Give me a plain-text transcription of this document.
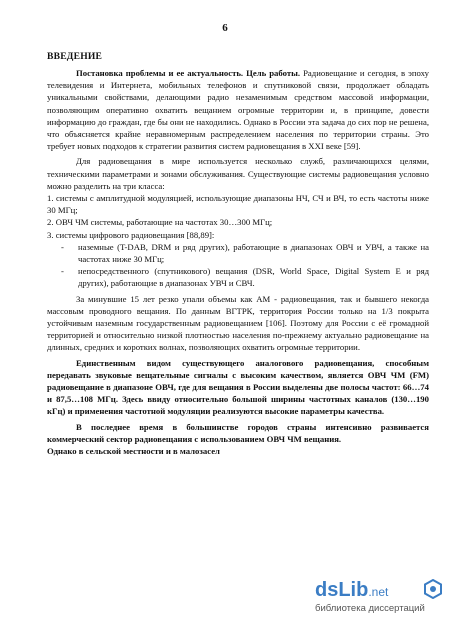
6
ВВЕДЕНИЕ

Постановка проблемы и ее актуальность. Цель работы. Радиовещание и сегодня, в эпоху телевидения и Интернета, мобильных телефонов и спутниковой связи, продолжает обладать уникальными свойствами, делающими радио незаменимым средством массовой информации, позволяющим оперативно охватить вещанием огромные территории и, в принципе, довести информацию до граждан, где бы они не находились. Однако в России эта задача до сих пор не решена, что объясняется крайне неравномерным распределением населения по территории страны. Это требует новых подходов к стратегии развития систем радиовещания в XXI веке [59].

Для радиовещания в мире используется несколько служб, различающихся целями, техническими параметрами и зонами обслуживания. Существующие системы радиовещания условно можно разделить на три класса:

1. системы с амплитудной модуляцией, использующие диапазоны НЧ, СЧ и ВЧ, то есть частоты ниже 30 МГц;

2. ОВЧ ЧМ системы, работающие на частотах 30…300 МГц;

3. системы цифрового радиовещания [88,89]:

-	наземные (T-DAB, DRM и ряд других), работающие в диапазонах ОВЧ и УВЧ, а также на частотах ниже 30 МГц;
-	непосредственного (спутникового) вещания (DSR, World Space, Digital System E и ряд других), работающие в диапазонах УВЧ и СВЧ.

За минувшие 15 лет резко упали объемы как АМ - радиовещания, так и бывшего некогда массовым проводного вещания. По данным ВГТРК, территория России только на 1/3 покрыта устойчивым наземным государственным радиовещанием [106]. Поэтому для России с её громадной территорией и относительно низкой плотностью населения по-прежнему актуально радиовещание на длинных, средних и коротких волнах, позволяющих охватить огромные территории.

Единственным видом существующего аналогового радиовещания, способным передавать звуковые вещательные сигналы с высоким качеством, является ОВЧ ЧМ (FM) радиовещание в диапазоне ОВЧ, где для вещания в России выделены две полосы частот: 66…74 и 87,5…108 МГц. Здесь ввиду относительно большой ширины частотных каналов (130…190 кГц) и применения частотной модуляции реализуются высокие параметры качества.

В последнее время в большинстве городов страны интенсивно развивается коммерческий сектор радиовещания с использованием ОВЧ ЧМ вещания.

Однако в сельской местности и в малозасел

dsLib.net
библиотека диссертаций
